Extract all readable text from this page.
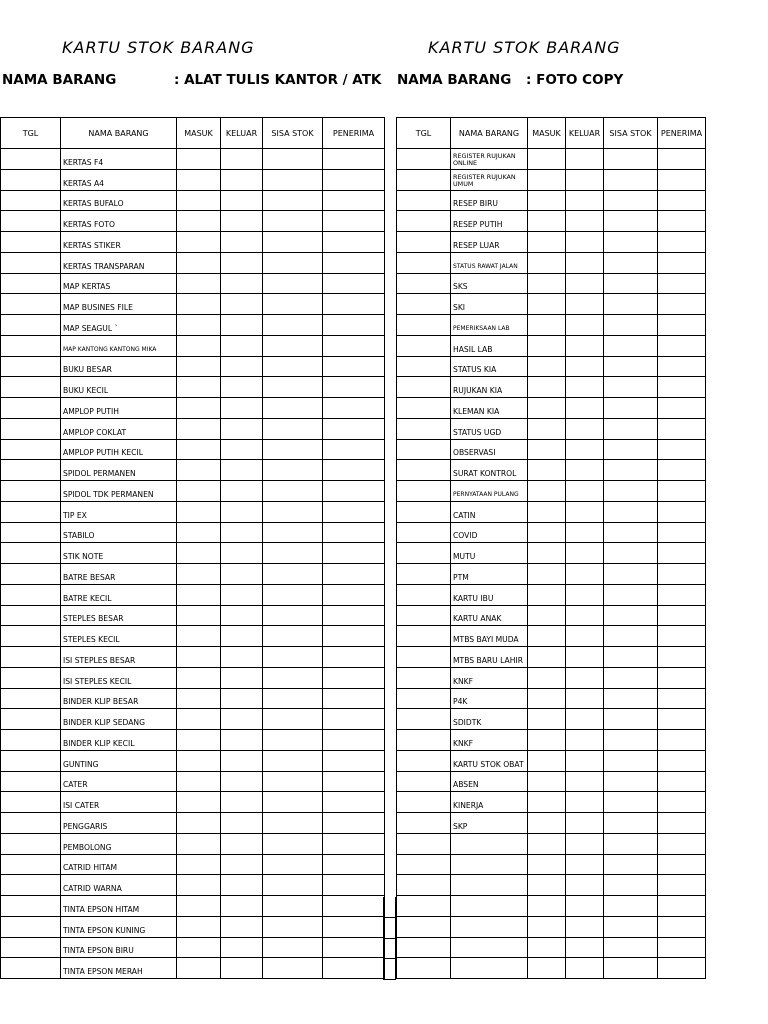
KARTU STOK BARANG	KARTU STOK BARANG
NAMA BARANG	: ALAT TULIS KANTOR / ATK NAMA BARANG : FOTO COPY
TGL	NAMA BARANG	MASUK	KELUAR	SISA STOK	PENERIMA
	KERTAS F4				
	KERTAS A4				
	KERTAS BUFALO				
	KERTAS FOTO				
	KERTAS STIKER				
	KERTAS TRANSPARAN				
	MAP KERTAS				
	MAP BUSINES FILE				
	MAP SEAGUL `				
	MAP KANTONG KANTONG MIKA				
	BUKU BESAR				
	BUKU KECIL				
	AMPLOP PUTIH				
	AMPLOP COKLAT				
	AMPLOP PUTIH KECIL				
	SPIDOL PERMANEN				
	SPIDOL TDK PERMANEN				
	TIP EX				
	STABILO				
	STIK NOTE				
	BATRE BESAR				
	BATRE KECIL				
	STEPLES BESAR				
	STEPLES KECIL				
	ISI STEPLES BESAR				
	ISI STEPLES KECIL				
	BINDER KLIP BESAR				
	BINDER KLIP SEDANG				
	BINDER KLIP KECIL				
	GUNTING				
	CATER				
	ISI CATER				
	PENGGARIS				
	PEMBOLONG				
	CATRID HITAM				
	CATRID WARNA				
	TINTA EPSON HITAM				
	TINTA EPSON KUNING				
	TINTA EPSON BIRU				
	TINTA EPSON MERAH				
TGL	NAMA BARANG	MASUK	KELUAR	SISA STOK	PENERIMA
	REGISTER RUJUKAN ONLINE				
	REGISTER RUJUKAN UMUM				
	RESEP BIRU				
	RESEP PUTIH				
	RESEP LUAR				
	STATUS RAWAT JALAN				
	SKS				
	SKI				
	PEMERIKSAAN LAB				
	HASIL LAB				
	STATUS KIA				
	RUJUKAN KIA				
	KLEMAN KIA				
	STATUS UGD				
	OBSERVASI				
	SURAT KONTROL				
	PERNYATAAN PULANG				
	CATIN				
	COVID				
	MUTU				
	PTM				
	KARTU IBU				
	KARTU ANAK				
	MTBS BAYI MUDA				
	MTBS BARU LAHIR				
	KNKF				
	P4K				
	SDIDTK				
	KNKF				
	KARTU STOK OBAT				
	ABSEN				
	KINERJA				
	SKP				
